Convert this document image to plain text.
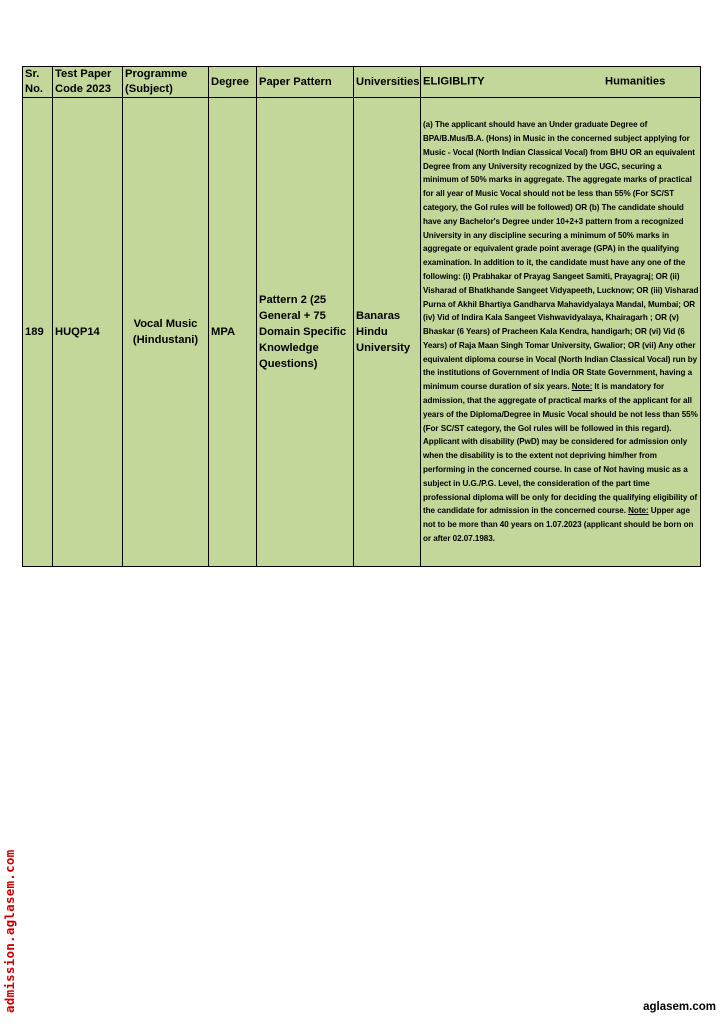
Sr. No.	Test Paper Code 2023	Programme (Subject)	Degree	Paper Pattern	Universities	ELIGIBLITY Humanities

189	HUQP14	Vocal Music (Hindustani)	MPA	Pattern 2 (25 General + 75 Domain Specific Knowledge Questions)	Banaras Hindu University	(a) The applicant should have an Under graduate Degree of BPA/B.Mus/B.A. (Hons) in Music in the concerned subject applying for Music - Vocal (North Indian Classical Vocal) from BHU OR an equivalent Degree from any University recognized by the UGC, securing a minimum of 50% marks in aggregate. The aggregate marks of practical for all year of Music Vocal should not be less than 55% (For SC/ST category, the GoI rules will be followed) OR (b) The candidate should have any Bachelor's Degree under 10+2+3 pattern from a recognized University in any discipline securing a minimum of 50% marks in aggregate or equivalent grade point average (GPA) in the qualifying examination. In addition to it, the candidate must have any one of the following: (i) Prabhakar of Prayag Sangeet Samiti, Prayagraj; OR (ii) Visharad of Bhatkhande Sangeet Vidyapeeth, Lucknow; OR (iii) Visharad Purna of Akhil Bhartiya Gandharva Mahavidyalaya Mandal, Mumbai; OR (iv) Vid of Indira Kala Sangeet Vishwavidyalaya, Khairagarh ; OR (v) Bhaskar (6 Years) of Pracheen Kala Kendra, handigarh; OR (vi) Vid (6 Years) of Raja Maan Singh Tomar University, Gwalior; OR (vii) Any other equivalent diploma course in Vocal (North Indian Classical Vocal) run by the institutions of Government of India OR State Government, having a minimum course duration of six years. Note: It is mandatory for admission, that the aggregate of practical marks of the applicant for all years of the Diploma/Degree in Music Vocal should be not less than 55% (For SC/ST category, the GoI rules will be followed in this regard). Applicant with disability (PwD) may be considered for admission only when the disability is to the extent not depriving him/her from performing in the concerned course. In case of Not having music as a subject in U.G./P.G. Level, the consideration of the part time professional diploma will be only for deciding the qualifying eligibility of the candidate for admission in the concerned course. Note: Upper age not to be more than 40 years on 1.07.2023 (applicant should be born on or after 02.07.1983.
admission.aglasem.com	aglasem.com
